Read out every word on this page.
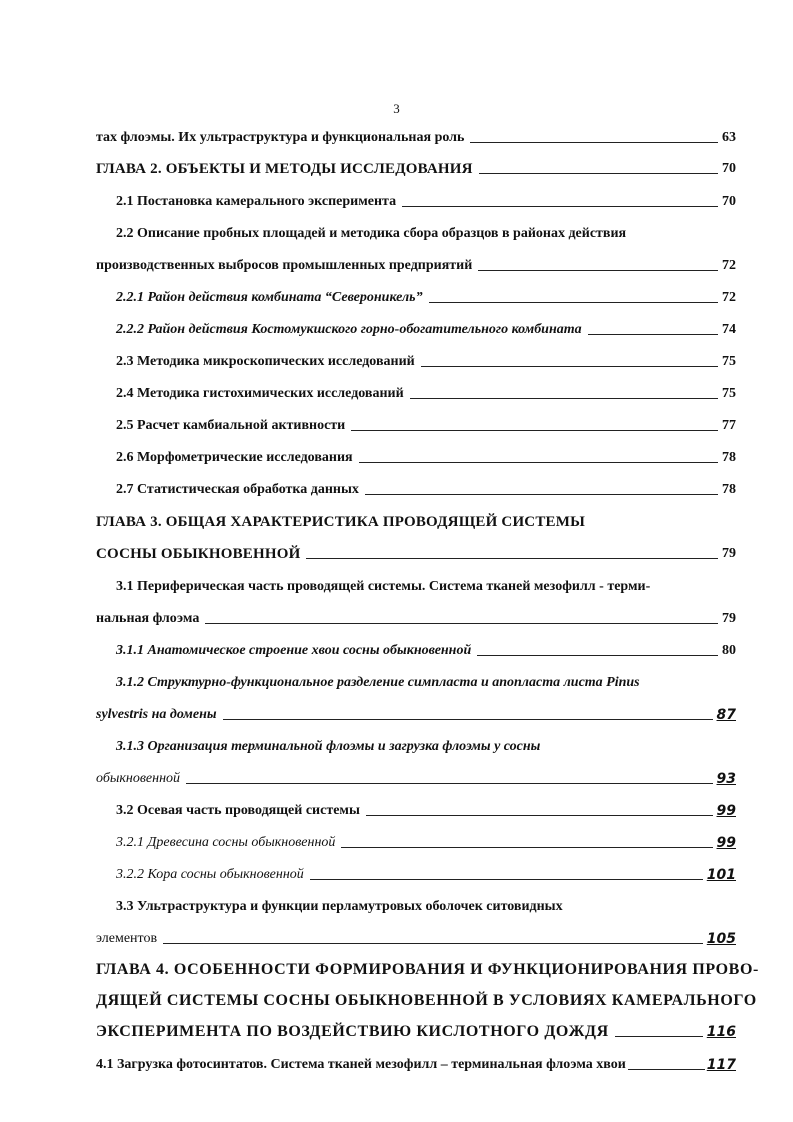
3
тах флоэмы. Их ультраструктура и функциональная роль	63
ГЛАВА 2. ОБЪЕКТЫ И МЕТОДЫ ИССЛЕДОВАНИЯ	70
2.1 Постановка камерального эксперимента	70
2.2 Описание пробных площадей и методика сбора образцов в районах действия
производственных выбросов промышленных предприятий	72
2.2.1 Район действия комбината “Североникель”	72
2.2.2 Район действия Костомукшского горно-обогатительного комбината	74
2.3 Методика микроскопических исследований	75
2.4 Методика гистохимических исследований	75
2.5 Расчет камбиальной активности	77
2.6 Морфометрические исследования	78
2.7 Статистическая обработка данных	78
ГЛАВА 3. ОБЩАЯ ХАРАКТЕРИСТИКА ПРОВОДЯЩЕЙ СИСТЕМЫ
СОСНЫ ОБЫКНОВЕННОЙ	79
3.1 Периферическая часть проводящей системы. Система тканей мезофилл - терми-
нальная флоэма	79
3.1.1 Анатомическое строение хвои сосны обыкновенной	80
3.1.2 Структурно-функциональное разделение симпласта и апопласта листа Pinus
sylvestris на домены	87
3.1.3 Организация терминальной флоэмы и загрузка флоэмы у сосны
обыкновенной	93
3.2 Осевая часть проводящей системы	99
3.2.1 Древесина сосны обыкновенной	99
3.2.2 Кора сосны обыкновенной	101
3.3 Ультраструктура и функции перламутровых оболочек ситовидных
элементов	105
ГЛАВА 4. ОСОБЕННОСТИ ФОРМИРОВАНИЯ И ФУНКЦИОНИРОВАНИЯ ПРОВО-
ДЯЩЕЙ СИСТЕМЫ СОСНЫ ОБЫКНОВЕННОЙ В УСЛОВИЯХ КАМЕРАЛЬНОГО
ЭКСПЕРИМЕНТА ПО ВОЗДЕЙСТВИЮ КИСЛОТНОГО ДОЖДЯ	116
4.1 Загрузка фотосинтатов. Система тканей мезофилл – терминальная флоэма хвои	117
